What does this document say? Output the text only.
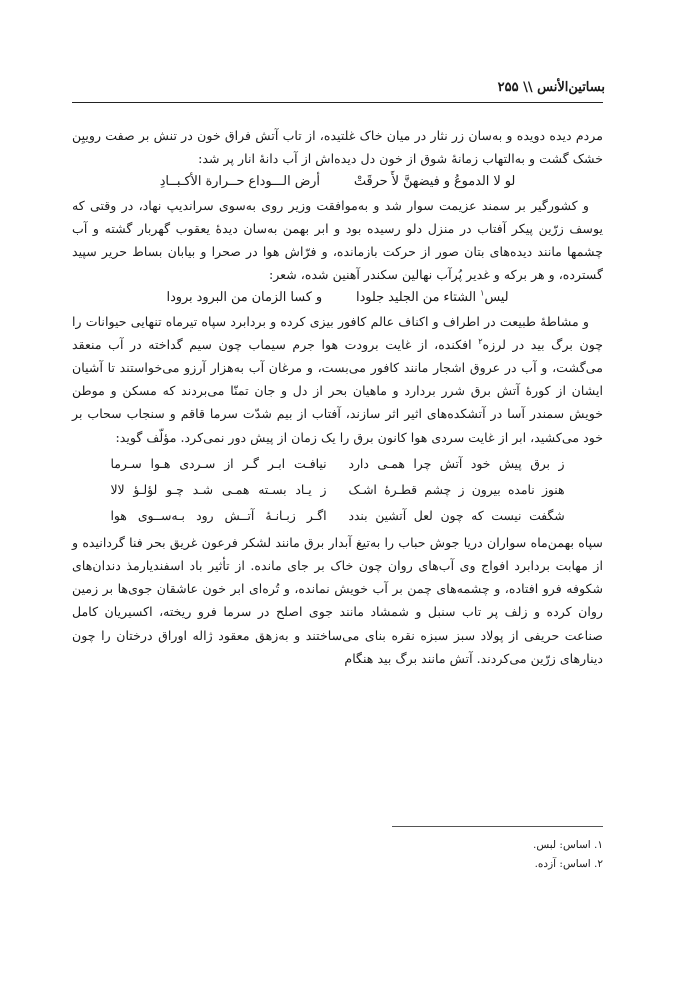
بساتین‌الأنس \\ ۲۵۵

مردم دیده دویده و به‌سان زر نثار در میان خاک غلتیده، از تاب آتش فراق خون در تنش بر صفت روییِن خشک گشت و به‌التهاب زمانهٔ شوق از خون دل دیده‌اش از آب دانهٔ انار پر شد:

لو لا الدموعُ و فیضهنَّ لأَ حرقَتْ
أرض الـــوداع حــرارة الأکـبــادِ

و کشورگیر بر سمند عزیمت سوار شد و به‌موافقت وزیر روی به‌سوی سرانديپ نهاد، در وقتی که یوسف زرّین پیکر آفتاب در منزل دلو رسیده بود و ابر بهمن به‌سان دیدهٔ یعقوب گهربار گشته و آب چشمها مانند دیده‌های بتان صور از حرکت بازمانده، و فرّاش هوا در صحرا و بیابان بساط حریر سپید گسترده، و هر برکه و غدیر پُرآب نهالین سکندر آهنین شده، شعر:

لیس$^۱$ الشتاء من الجلید جلودا
و کسا الزمان من البرود برودا

و مشاطهٔ طبیعت در اطراف و اکناف عالم کافور بیزی کرده و بردابرد سپاه تیرماه تنهایی حیوانات را چون برگ بید در لرزه$^۲$ افکنده، از غایت برودت هوا جرم سیماب چون سیم گداخته در آب منعقد می‌گشت، و آب در عروق اشجار مانند کافور می‌بست، و مرغان آب به‌هزار آرزو می‌خواستند تا آشیان ایشان از کورهٔ آتش برق شرر بردارد و ماهیان بحر از دل و جان تمنّا می‌بردند که مسکن و موطن خویش سمندر آسا در آتشکده‌های اثیر اثر سازند، آفتاب از بیم شدّت سرما قاقم و سنجاب سحاب بر خود می‌کشید، ابر از غایت سردی هوا کانون برق را یک زمان از پیش دور نمی‌کرد. مؤلّف گوید:

ز برق پیش خود آتش چرا همـی دارد
نیافـت ابـر گـر از سـردی هـوا سـرما
هنوز نامده بیرون ز چشم قطـرهٔ اشـک
ز یـاد بسـته همـی شـد چـو لؤلـؤ لالا
شگفت نیست که چون لعل آتشین بندد
اگـر زبـانـهٔ آتــش رود بـه‌ســوی هوا

سپاه بهمن‌ماه سواران دریا جوش حباب را به‌تیغ آبدار برق مانند لشکر فرعون غریق بحر فنا گردانیده و از مهابت بردابرد افواج وی آب‌های روان چون خاک بر جای مانده. از تأثیر باد اسفندیارمذ دندان‌های شکوفه فرو افتاده، و چشمه‌های چمن بر آب خویش نمانده، و تُره‌ای ابر خون عاشقان جوی‌ها بر زمین روان کرده و زلف پر تاب سنبل و شمشاد مانند جوی اصلح در سرما فرو ریخته، اکسیریان کامل صناعت حریفی از پولاد سبز سبزه نقره بنای می‌ساختند و به‌زهق معقود ژاله اوراق درختان را چون دینارهای زرّین می‌کردند. آتش مانند برگ بید هنگام

۱. اساس: لبس.
۲. اساس: آزده.
